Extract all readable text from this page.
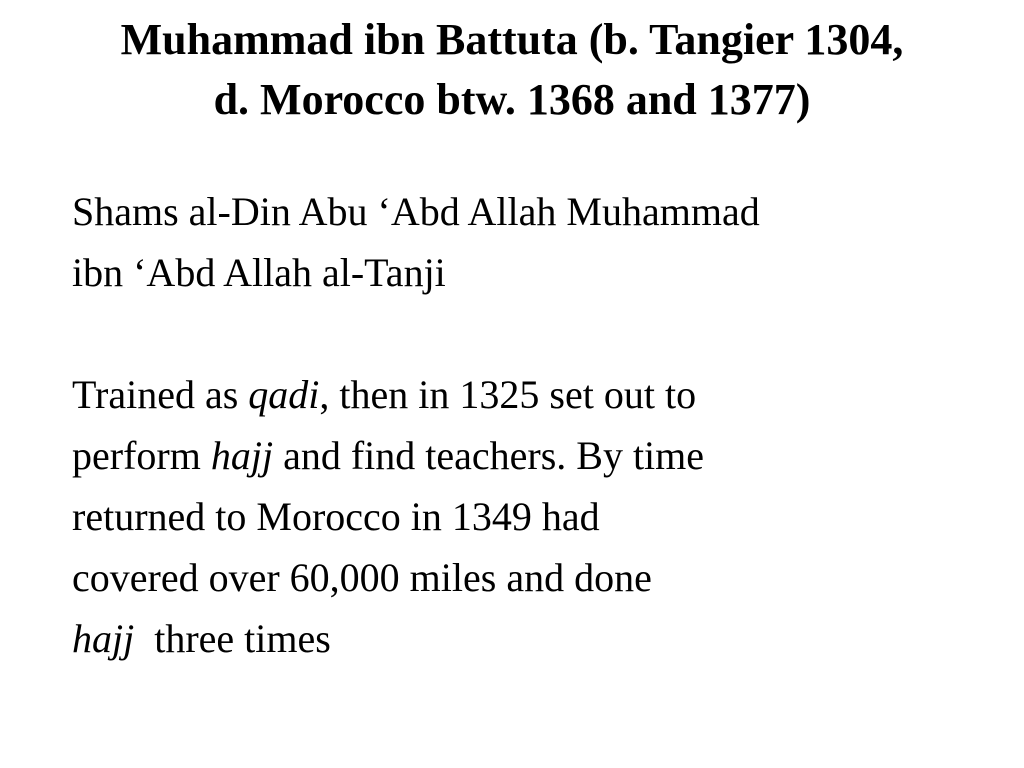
Muhammad ibn Battuta (b. Tangier 1304,
d. Morocco btw. 1368 and 1377)

Shams al-Din Abu ‘Abd Allah Muhammad
ibn ‘Abd Allah al-Tanji

Trained as qadi, then in 1325 set out to
perform hajj and find teachers. By time
returned to Morocco in 1349 had
covered over 60,000 miles and done
hajj  three times
